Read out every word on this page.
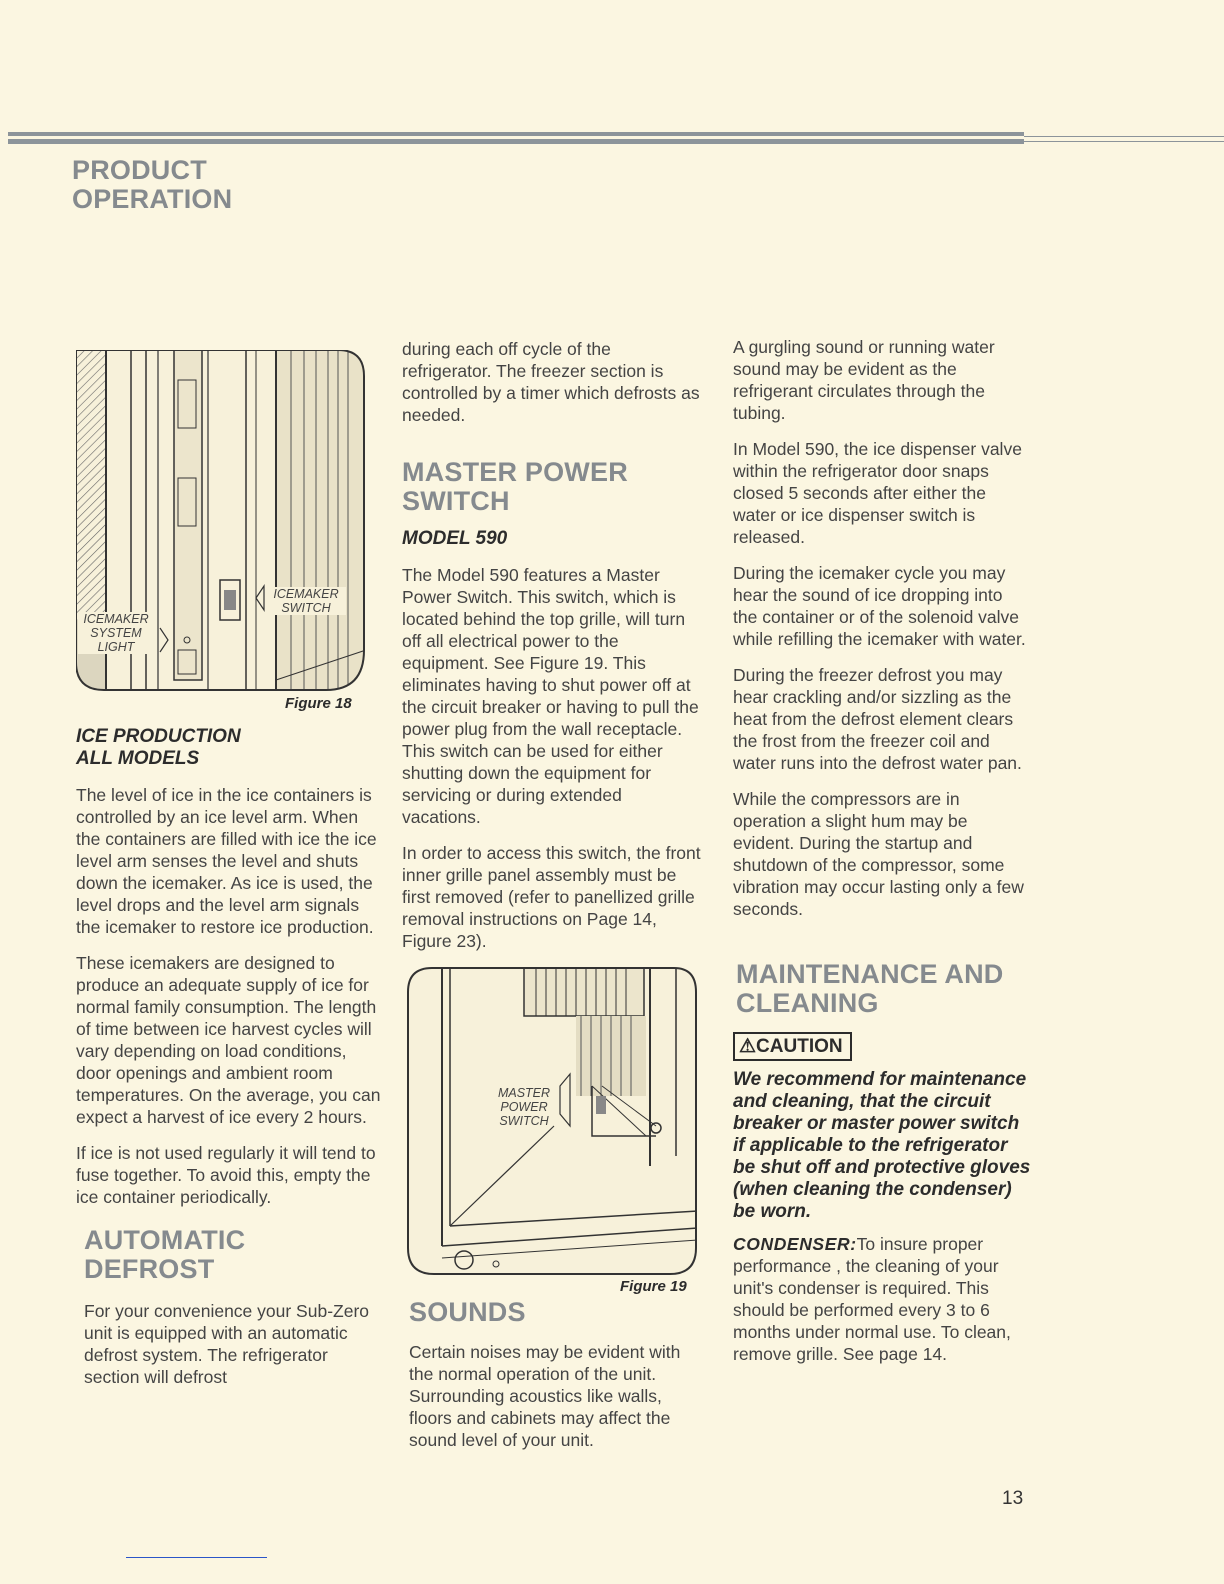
PRODUCT
OPERATION
ICEMAKER
SWITCH
ICEMAKER
SYSTEM
LIGHT
Figure 18
ICE PRODUCTION
ALL MODELS

The level of ice in the ice containers is controlled by an ice level arm. When the containers are filled with ice the ice level arm senses the level and shuts down the icemaker. As ice is used, the level drops and the level arm signals the icemaker to restore ice production.

These icemakers are designed to produce an adequate supply of ice for normal family consumption. The length of time between ice harvest cycles will vary depending on load conditions, door openings and ambient room temperatures. On the average, you can expect a harvest of ice every 2 hours.

If ice is not used regularly it will tend to fuse together. To avoid this, empty the ice container periodically.

AUTOMATIC
DEFROST

For your convenience your Sub-Zero unit is equipped with an automatic defrost system. The refrigerator section will defrost

during each off cycle of the refrigerator. The freezer section is controlled by a timer which defrosts as needed.

MASTER POWER
SWITCH
MODEL 590

The Model 590 features a Master Power Switch. This switch, which is located behind the top grille, will turn off all electrical power to the equipment. See Figure 19. This eliminates having to shut power off at the circuit breaker or having to pull the power plug from the wall receptacle. This switch can be used for either shutting down the equipment for servicing or during extended vacations.

In order to access this switch, the front inner grille panel assembly must be first removed (refer to panellized grille removal instructions on Page 14, Figure 23).

MASTER
POWER
SWITCH
Figure 19
SOUNDS

Certain noises may be evident with the normal operation of the unit. Surrounding acoustics like walls, floors and cabinets may affect the sound level of your unit.

A gurgling sound or running water sound may be evident as the refrigerant circulates through the tubing.

In Model 590, the ice dispenser valve within the refrigerator door snaps closed 5 seconds after either the water or ice dispenser switch is released.

During the icemaker cycle you may hear the sound of ice dropping into the container or of the solenoid valve while refilling the icemaker with water.

During the freezer defrost you may hear crackling and/or sizzling as the heat from the defrost element clears the frost from the freezer coil and water runs into the defrost water pan.

While the compressors are in operation a slight hum may be evident. During the startup and shutdown of the compressor, some vibration may occur lasting only a few seconds.

MAINTENANCE AND
CLEANING
⚠CAUTION

We recommend for maintenance and cleaning, that the circuit breaker or master power switch if applicable to the refrigerator be shut off and protective gloves (when cleaning the condenser) be worn.

CONDENSER:To insure proper performance , the cleaning of your unit's condenser is required. This should be performed every 3 to 6 months under normal use. To clean, remove grille. See page 14.

13
